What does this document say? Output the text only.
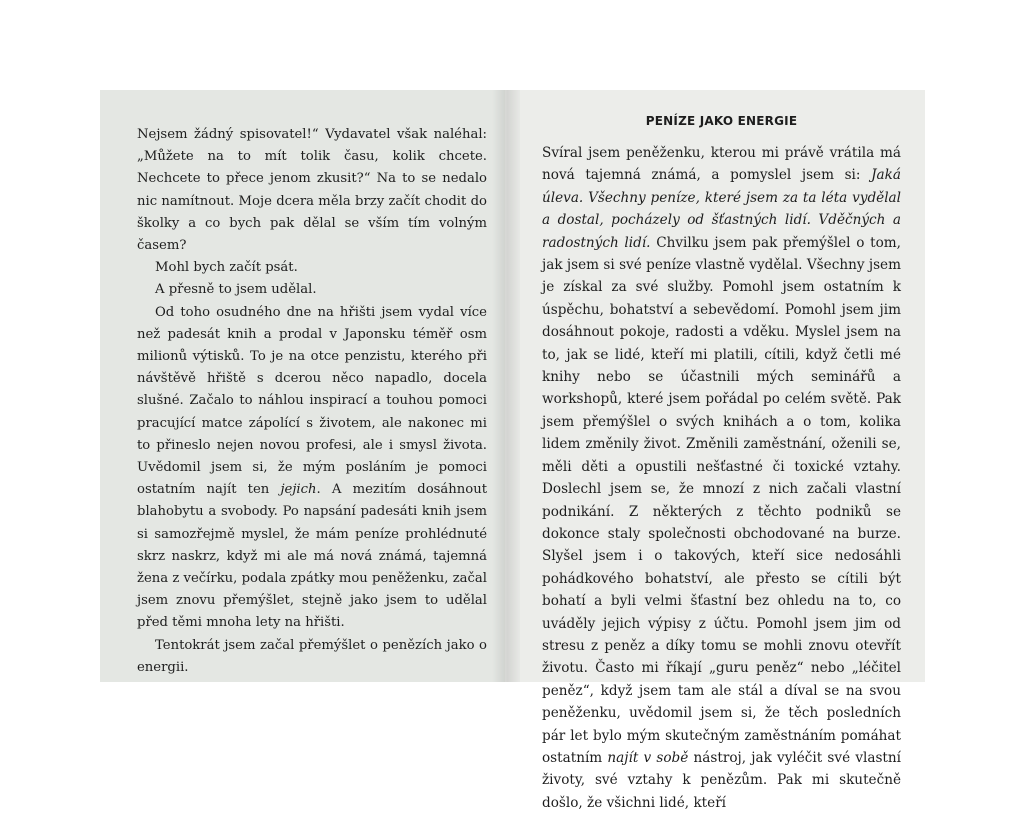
Nejsem žádný spisovatel!“ Vydavatel však naléhal: „Můžete na to mít tolik času, kolik chcete. Nechcete to přece jenom zkusit?“ Na to se nedalo nic namítnout. Moje dcera měla brzy začít chodit do školky a co bych pak dělal se vším tím volným časem?

Mohl bych začít psát.

A přesně to jsem udělal.

Od toho osudného dne na hřišti jsem vydal více než padesát knih a prodal v Japonsku téměř osm milionů výtisků. To je na otce penzistu, kterého při návštěvě hřiště s dcerou něco napadlo, docela slušné. Začalo to náhlou inspirací a touhou pomoci pracující matce zápolící s životem, ale nakonec mi to přineslo nejen novou profesi, ale i smysl života. Uvědomil jsem si, že mým posláním je pomoci ostatním najít ten jejich. A mezitím dosáhnout blahobytu a svobody. Po napsání padesáti knih jsem si samozřejmě myslel, že mám peníze prohlédnuté skrz naskrz, když mi ale má nová známá, tajemná žena z večírku, podala zpátky mou peněženku, začal jsem znovu přemýšlet, stejně jako jsem to udělal před těmi mnoha lety na hřišti.

Tentokrát jsem začal přemýšlet o penězích jako o energii.

PENÍZE JAKO ENERGIE

Svíral jsem peněženku, kterou mi právě vrátila má nová tajemná známá, a pomyslel jsem si: Jaká úleva. Všechny peníze, které jsem za ta léta vydělal a dostal, pocházely od šťastných lidí. Vděčných a radostných lidí. Chvilku jsem pak přemýšlel o tom, jak jsem si své peníze vlastně vydělal. Všechny jsem je získal za své služby. Pomohl jsem ostatním k úspěchu, bohatství a sebevědomí. Pomohl jsem jim dosáhnout pokoje, radosti a vděku. Myslel jsem na to, jak se lidé, kteří mi platili, cítili, když četli mé knihy nebo se účastnili mých seminářů a workshopů, které jsem pořádal po celém světě. Pak jsem přemýšlel o svých knihách a o tom, kolika lidem změnily život. Změnili zaměstnání, oženili se, měli děti a opustili nešťastné či toxické vztahy. Doslechl jsem se, že mnozí z nich začali vlastní podnikání. Z některých z těchto podniků se dokonce staly společnosti obchodované na burze. Slyšel jsem i o takových, kteří sice nedosáhli pohádkového bohatství, ale přesto se cítili být bohatí a byli velmi šťastní bez ohledu na to, co uváděly jejich výpisy z účtu. Pomohl jsem jim od stresu z peněz a díky tomu se mohli znovu otevřít životu. Často mi říkají „guru peněz“ nebo „léčitel peněz“, když jsem tam ale stál a díval se na svou peněženku, uvědomil jsem si, že těch posledních pár let bylo mým skutečným zaměstnáním pomáhat ostatním najít v sobě nástroj, jak vyléčit své vlastní životy, své vztahy k penězům. Pak mi skutečně došlo, že všichni lidé, kteří
